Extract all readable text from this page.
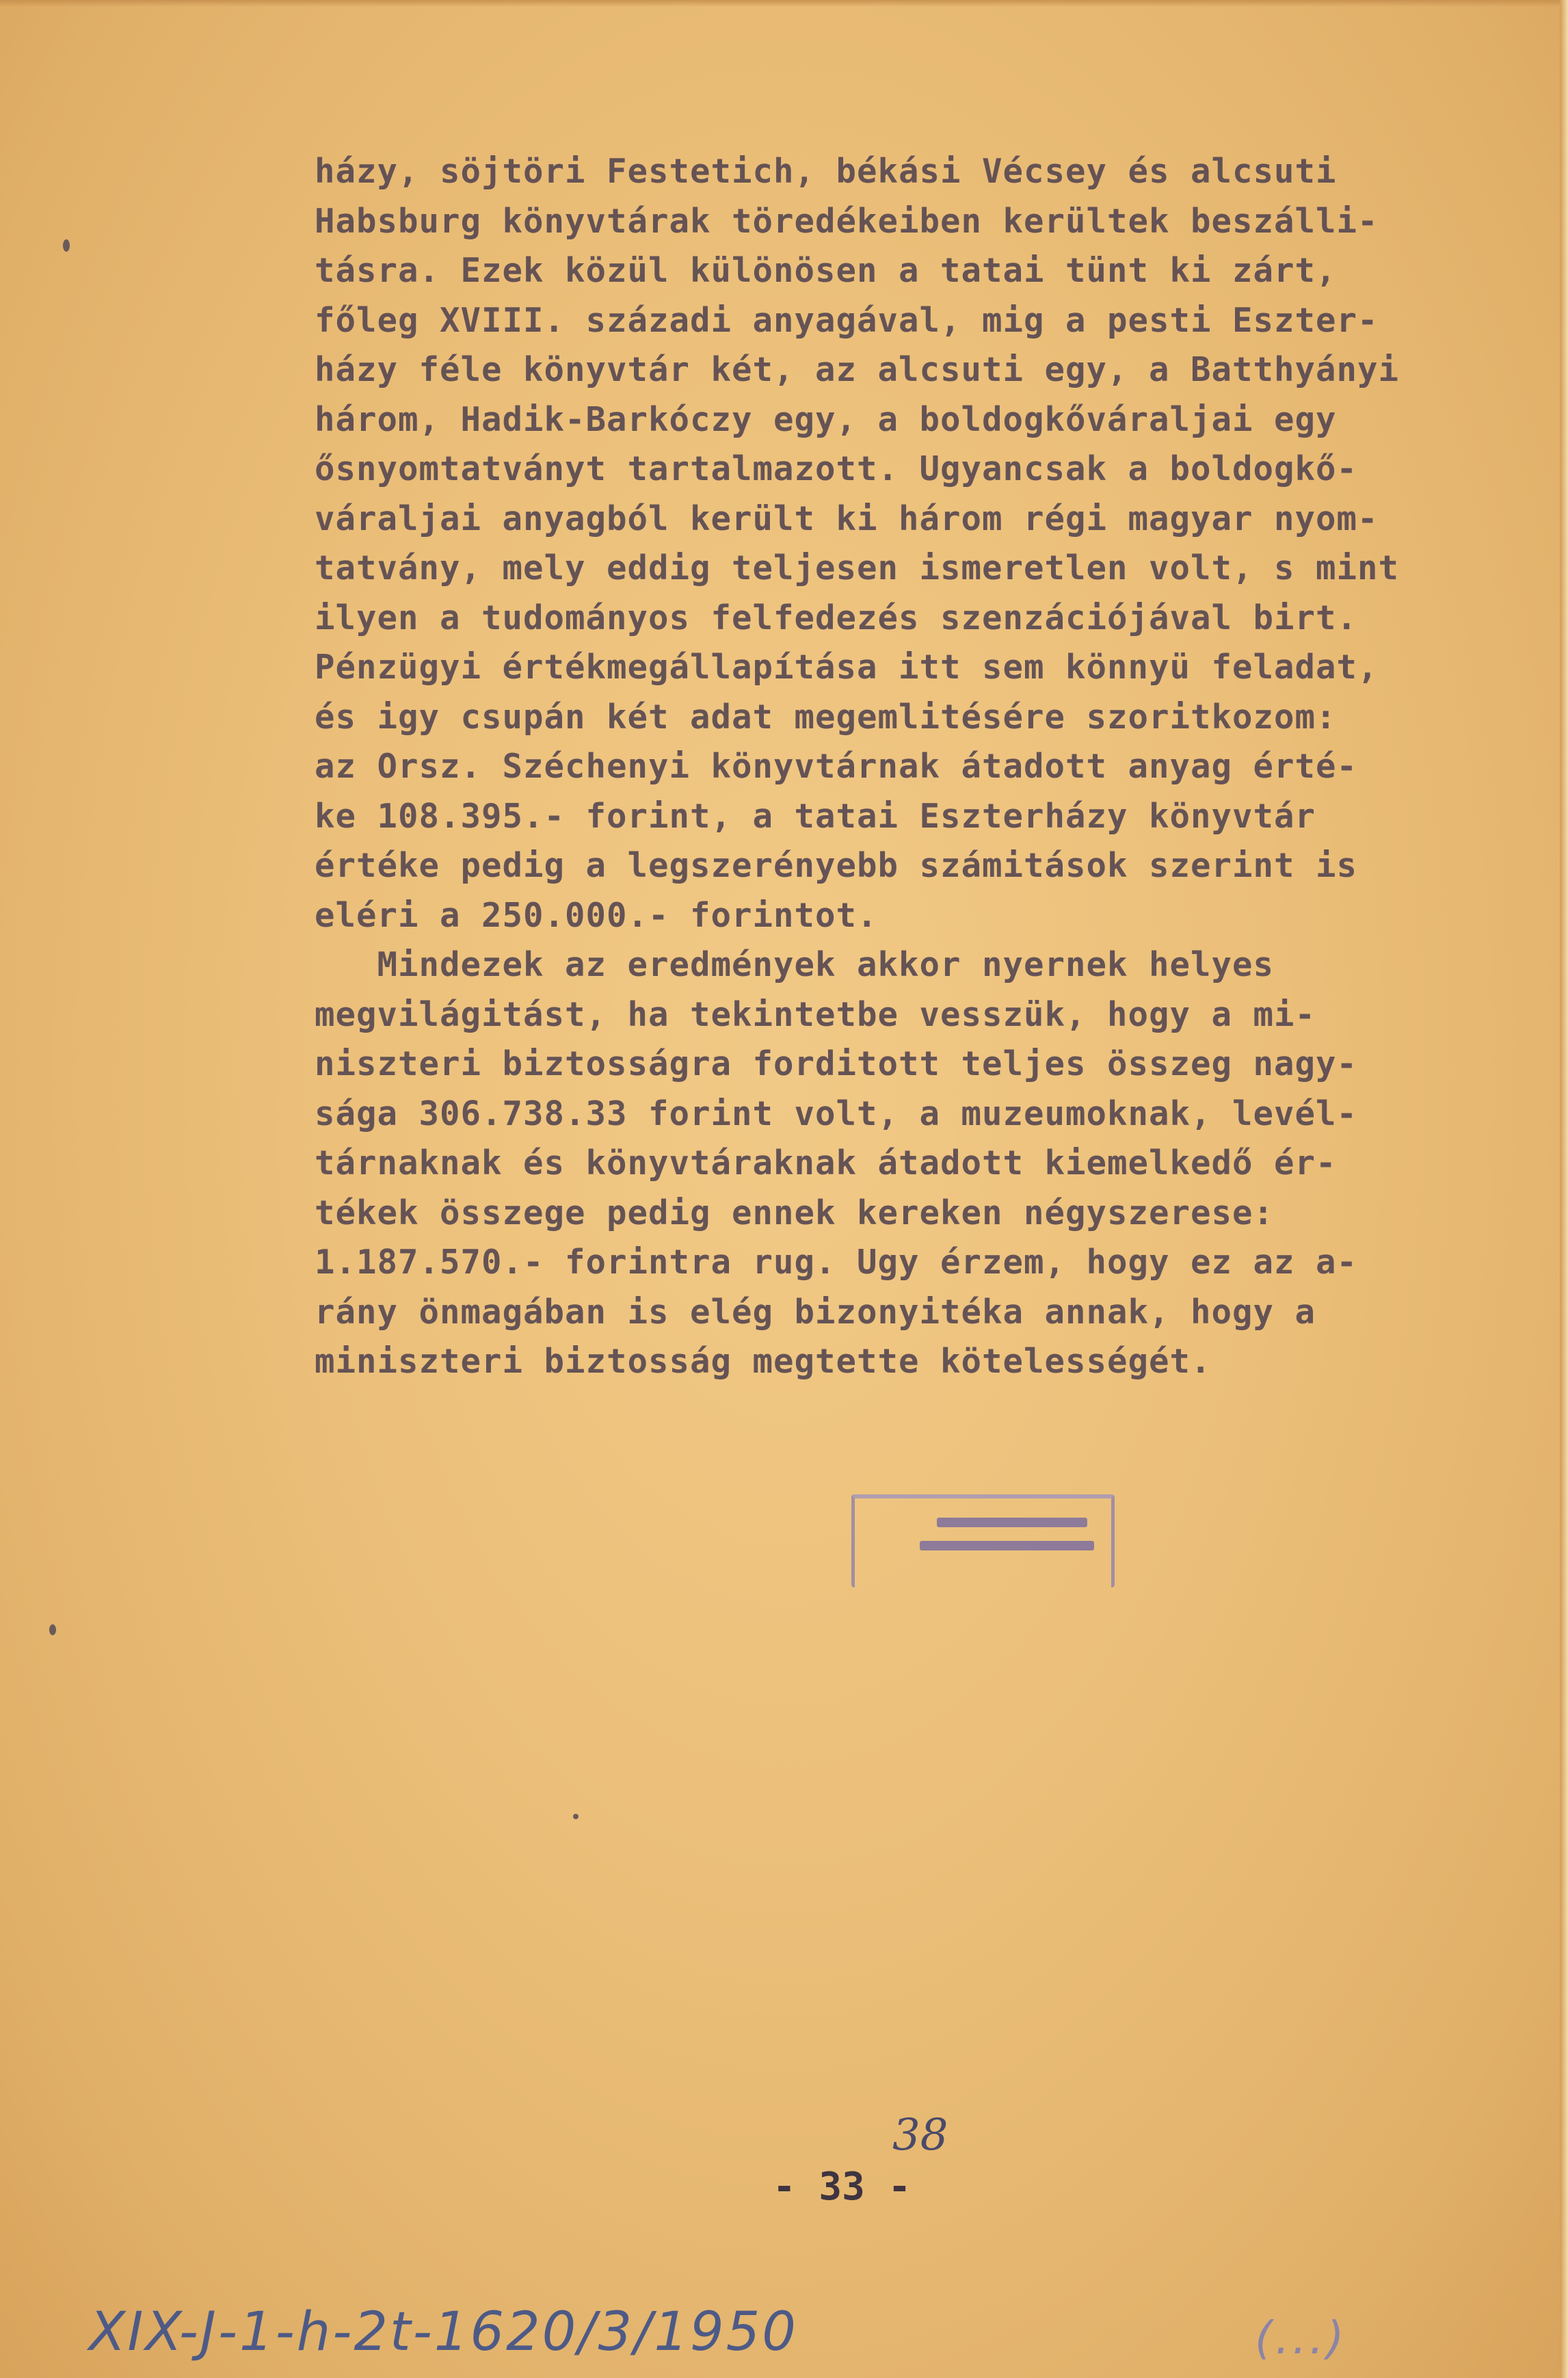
házy, söjtöri Festetich, békási Vécsey és alcsuti
Habsburg könyvtárak töredékeiben kerültek beszálli-
tásra. Ezek közül különösen a tatai tünt ki zárt,
főleg XVIII. századi anyagával, mig a pesti Eszter-
házy féle könyvtár két, az alcsuti egy, a Batthyányi
három, Hadik-Barkóczy egy, a boldogkőváraljai egy
ősnyomtatványt tartalmazott. Ugyancsak a boldogkő-
váraljai anyagból került ki három régi magyar nyom-
tatvány, mely eddig teljesen ismeretlen volt, s mint
ilyen a tudományos felfedezés szenzációjával birt.
Pénzügyi értékmegállapítása itt sem könnyü feladat,
és igy csupán két adat megemlitésére szoritkozom:
az Orsz. Széchenyi könyvtárnak átadott anyag érté-
ke 108.395.- forint, a tatai Eszterházy könyvtár
értéke pedig a legszerényebb számitások szerint is
eléri a 250.000.- forintot.
Mindezek az eredmények akkor nyernek helyes
megvilágitást, ha tekintetbe vesszük, hogy a mi-
niszteri biztosságra forditott teljes összeg nagy-
sága 306.738.33 forint volt, a muzeumoknak, levél-
tárnaknak és könyvtáraknak átadott kiemelkedő ér-
tékek összege pedig ennek kereken négyszerese:
1.187.570.- forintra rug. Ugy érzem, hogy ez az a-
rány önmagában is elég bizonyitéka annak, hogy a
miniszteri biztosság megtette kötelességét.
38
- 33 -
XIX-J-1-h-2t-1620/3/1950	(...)
